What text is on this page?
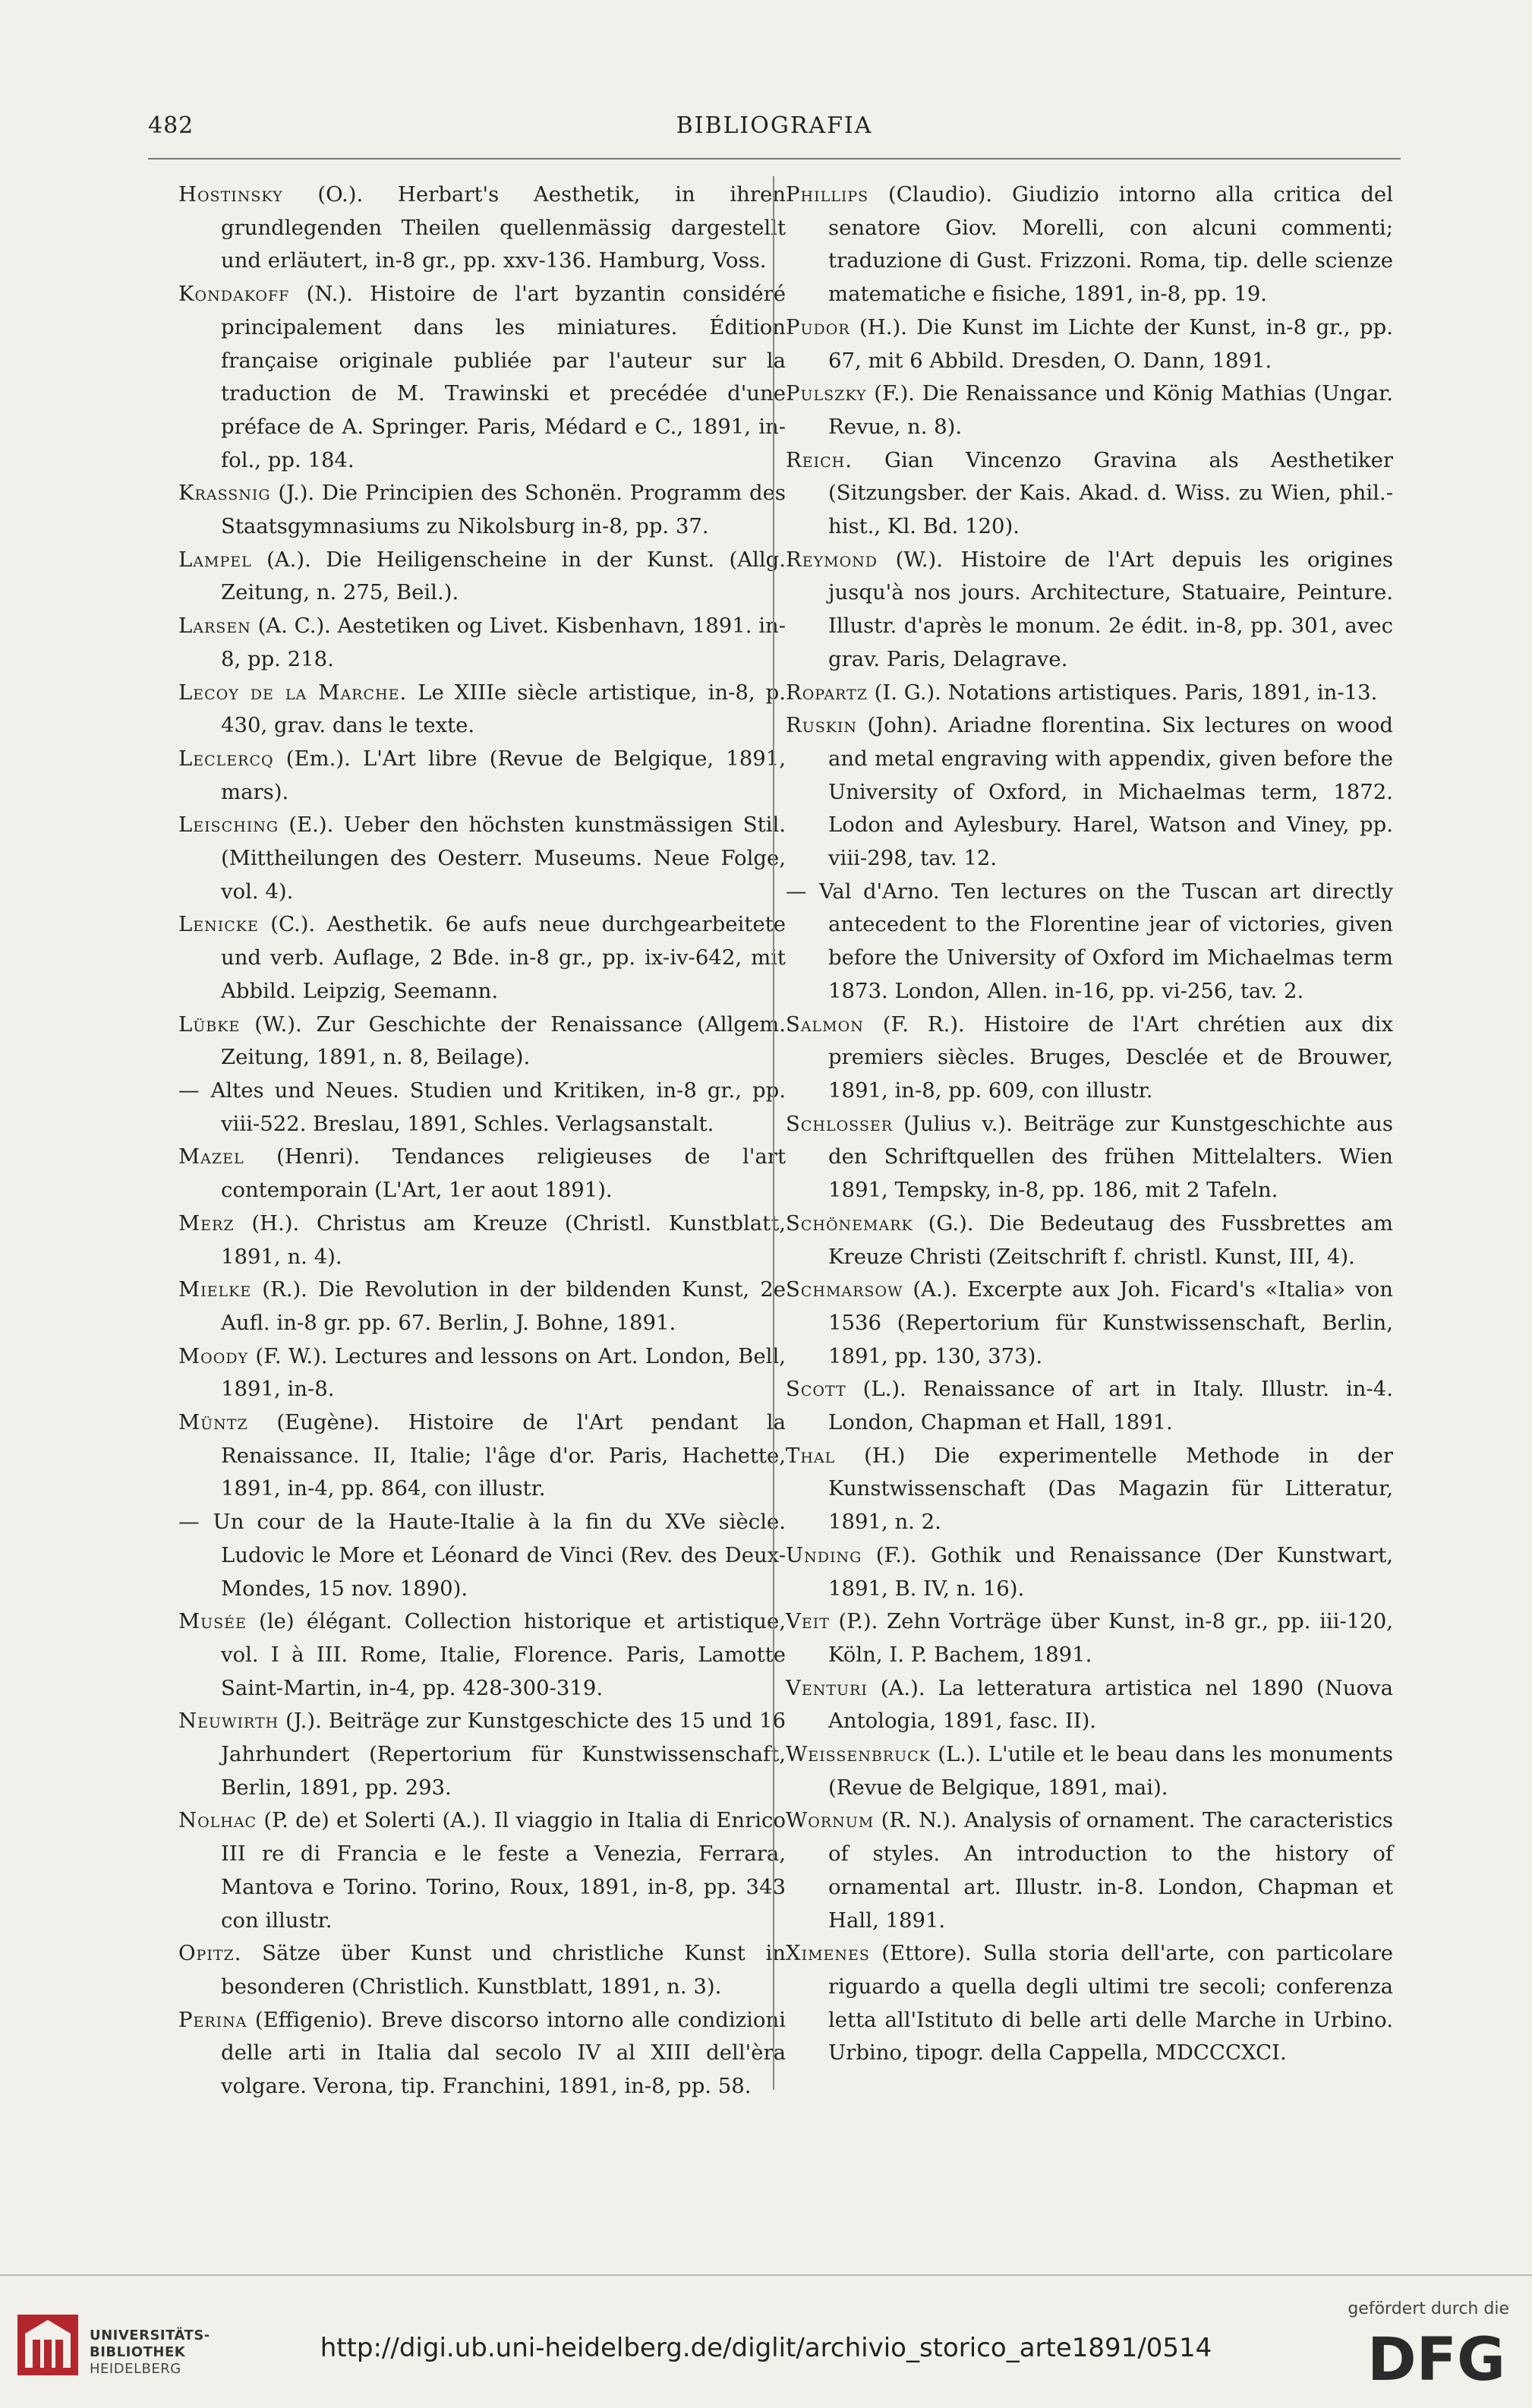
482	BIBLIOGRAFIA

Hostinsky (O.). Herbart's Aesthetik, in ihren grundlegenden Theilen quellenmässig dargestellt und erläutert, in-8 gr., pp. xxv-136. Hamburg, Voss.

Kondakoff (N.). Histoire de l'art byzantin considéré principalement dans les miniatures. Édition française originale publiée par l'auteur sur la traduction de M. Trawinski et precédée d'une préface de A. Springer. Paris, Médard e C., 1891, in-fol., pp. 184.

Krassnig (J.). Die Principien des Schonën. Programm des Staatsgymnasiums zu Nikolsburg in-8, pp. 37.

Lampel (A.). Die Heiligenscheine in der Kunst. (Allg. Zeitung, n. 275, Beil.).

Larsen (A. C.). Aestetiken og Livet. Kisbenhavn, 1891. in-8, pp. 218.

Lecoy de la Marche. Le XIIIe siècle artistique, in-8, p. 430, grav. dans le texte.

Leclercq (Em.). L'Art libre (Revue de Belgique, 1891, mars).

Leisching (E.). Ueber den höchsten kunstmässigen Stil. (Mittheilungen des Oesterr. Museums. Neue Folge, vol. 4).

Lenicke (C.). Aesthetik. 6e aufs neue durchgearbeitete und verb. Auflage, 2 Bde. in-8 gr., pp. ix-iv-642, mit Abbild. Leipzig, Seemann.

Lübke (W.). Zur Geschichte der Renaissance (Allgem. Zeitung, 1891, n. 8, Beilage).

— Altes und Neues. Studien und Kritiken, in-8 gr., pp. viii-522. Breslau, 1891, Schles. Verlagsanstalt.

Mazel (Henri). Tendances religieuses de l'art contemporain (L'Art, 1er aout 1891).

Merz (H.). Christus am Kreuze (Christl. Kunstblatt, 1891, n. 4).

Mielke (R.). Die Revolution in der bildenden Kunst, 2e Aufl. in-8 gr. pp. 67. Berlin, J. Bohne, 1891.

Moody (F. W.). Lectures and lessons on Art. London, Bell, 1891, in-8.

Müntz (Eugène). Histoire de l'Art pendant la Renaissance. II, Italie; l'âge d'or. Paris, Hachette, 1891, in-4, pp. 864, con illustr.

— Un cour de la Haute-Italie à la fin du XVe siècle. Ludovic le More et Léonard de Vinci (Rev. des Deux-Mondes, 15 nov. 1890).

Musée (le) élégant. Collection historique et artistique, vol. I à III. Rome, Italie, Florence. Paris, Lamotte Saint-Martin, in-4, pp. 428-300-319.

Neuwirth (J.). Beiträge zur Kunstgeschicte des 15 und 16 Jahrhundert (Repertorium für Kunstwissenschaft, Berlin, 1891, pp. 293.

Nolhac (P. de) et Solerti (A.). Il viaggio in Italia di Enrico III re di Francia e le feste a Venezia, Ferrara, Mantova e Torino. Torino, Roux, 1891, in-8, pp. 343 con illustr.

Opitz. Sätze über Kunst und christliche Kunst in besonderen (Christlich. Kunstblatt, 1891, n. 3).

Perina (Effigenio). Breve discorso intorno alle condizioni delle arti in Italia dal secolo IV al XIII dell'èra volgare. Verona, tip. Franchini, 1891, in-8, pp. 58.

Phillips (Claudio). Giudizio intorno alla critica del senatore Giov. Morelli, con alcuni commenti; traduzione di Gust. Frizzoni. Roma, tip. delle scienze matematiche e fisiche, 1891, in-8, pp. 19.

Pudor (H.). Die Kunst im Lichte der Kunst, in-8 gr., pp. 67, mit 6 Abbild. Dresden, O. Dann, 1891.

Pulszky (F.). Die Renaissance und König Mathias (Ungar. Revue, n. 8).

Reich. Gian Vincenzo Gravina als Aesthetiker (Sitzungsber. der Kais. Akad. d. Wiss. zu Wien, phil.-hist., Kl. Bd. 120).

Reymond (W.). Histoire de l'Art depuis les origines jusqu'à nos jours. Architecture, Statuaire, Peinture. Illustr. d'après le monum. 2e édit. in-8, pp. 301, avec grav. Paris, Delagrave.

Ropartz (I. G.). Notations artistiques. Paris, 1891, in-13.

Ruskin (John). Ariadne florentina. Six lectures on wood and metal engraving with appendix, given before the University of Oxford, in Michaelmas term, 1872. Lodon and Aylesbury. Harel, Watson and Viney, pp. viii-298, tav. 12.

— Val d'Arno. Ten lectures on the Tuscan art directly antecedent to the Florentine jear of victories, given before the University of Oxford im Michaelmas term 1873. London, Allen. in-16, pp. vi-256, tav. 2.

Salmon (F. R.). Histoire de l'Art chrétien aux dix premiers siècles. Bruges, Desclée et de Brouwer, 1891, in-8, pp. 609, con illustr.

Schlosser (Julius v.). Beiträge zur Kunstgeschichte aus den Schriftquellen des frühen Mittelalters. Wien 1891, Tempsky, in-8, pp. 186, mit 2 Tafeln.

Schönemark (G.). Die Bedeutaug des Fussbrettes am Kreuze Christi (Zeitschrift f. christl. Kunst, III, 4).

Schmarsow (A.). Excerpte aux Joh. Ficard's «Italia» von 1536 (Repertorium für Kunstwissenschaft, Berlin, 1891, pp. 130, 373).

Scott (L.). Renaissance of art in Italy. Illustr. in-4. London, Chapman et Hall, 1891.

Thal (H.) Die experimentelle Methode in der Kunstwissenschaft (Das Magazin für Litteratur, 1891, n. 2.

Unding (F.). Gothik und Renaissance (Der Kunstwart, 1891, B. IV, n. 16).

Veit (P.). Zehn Vorträge über Kunst, in-8 gr., pp. iii-120, Köln, I. P. Bachem, 1891.

Venturi (A.). La letteratura artistica nel 1890 (Nuova Antologia, 1891, fasc. II).

Weissenbruck (L.). L'utile et le beau dans les monuments (Revue de Belgique, 1891, mai).

Wornum (R. N.). Analysis of ornament. The caracteristics of styles. An introduction to the history of ornamental art. Illustr. in-8. London, Chapman et Hall, 1891.

Ximenes (Ettore). Sulla storia dell'arte, con particolare riguardo a quella degli ultimi tre secoli; conferenza letta all'Istituto di belle arti delle Marche in Urbino. Urbino, tipogr. della Cappella, MDCCCXCI.

UNIVERSITÄTS-
BIBLIOTHEK
HEIDELBERG
http://digi.ub.uni-heidelberg.de/diglit/archivio_storico_arte1891/0514
gefördert durch die
DFG
